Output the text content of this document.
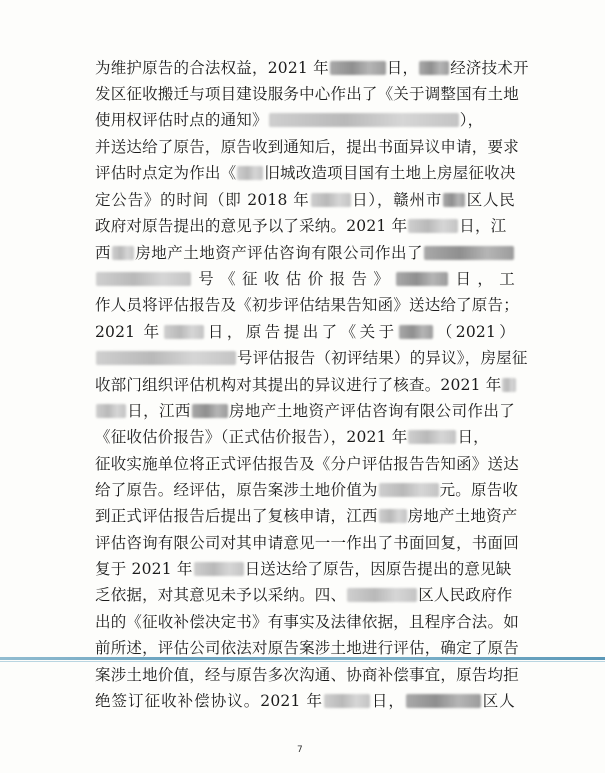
为维护原告的合法权益，2021 年	日， 经济技术开
发区征收搬迁与项目建设服务中心作出了《关于调整国有土地
使用权评估时点的通知》	），
并送达给了原告，原告收到通知后，提出书面异议申请，要求
评估时点定为作出《 旧城改造项目国有土地上房屋征收决
定公告》的时间（即 2018 年	日），赣州市 区人民
政府对原告提出的意见予以了采纳。2021 年	日，江
西 房地产土地资产评估咨询有限公司作出了
号《征收估价报告》	日，工
作人员将评估报告及《初步评估结果告知函》送达给了原告；
2021 年	日，原告提出了《关于 （2021）
号评估报告（初评结果）的异议》，房屋征
收部门组织评估机构对其提出的异议进行了核查。2021 年
日，江西 房地产土地资产评估咨询有限公司作出了
《征收估价报告》（正式估价报告），2021 年	日，
征收实施单位将正式评估报告及《分户评估报告告知函》送达
给了原告。经评估，原告案涉土地价值为	元。原告收
到正式评估报告后提出了复核申请，江西 房地产土地资产
评估咨询有限公司对其申请意见一一作出了书面回复，书面回
复于 2021 年	日送达给了原告，因原告提出的意见缺
乏依据，对其意见未予以采纳。四、	区人民政府作
出的《征收补偿决定书》有事实及法律依据，且程序合法。如
前所述，评估公司依法对原告案涉土地进行评估，确定了原告
案涉土地价值，经与原告多次沟通、协商补偿事宜，原告均拒
绝签订征收补偿协议。2021 年	日，	区人
7
